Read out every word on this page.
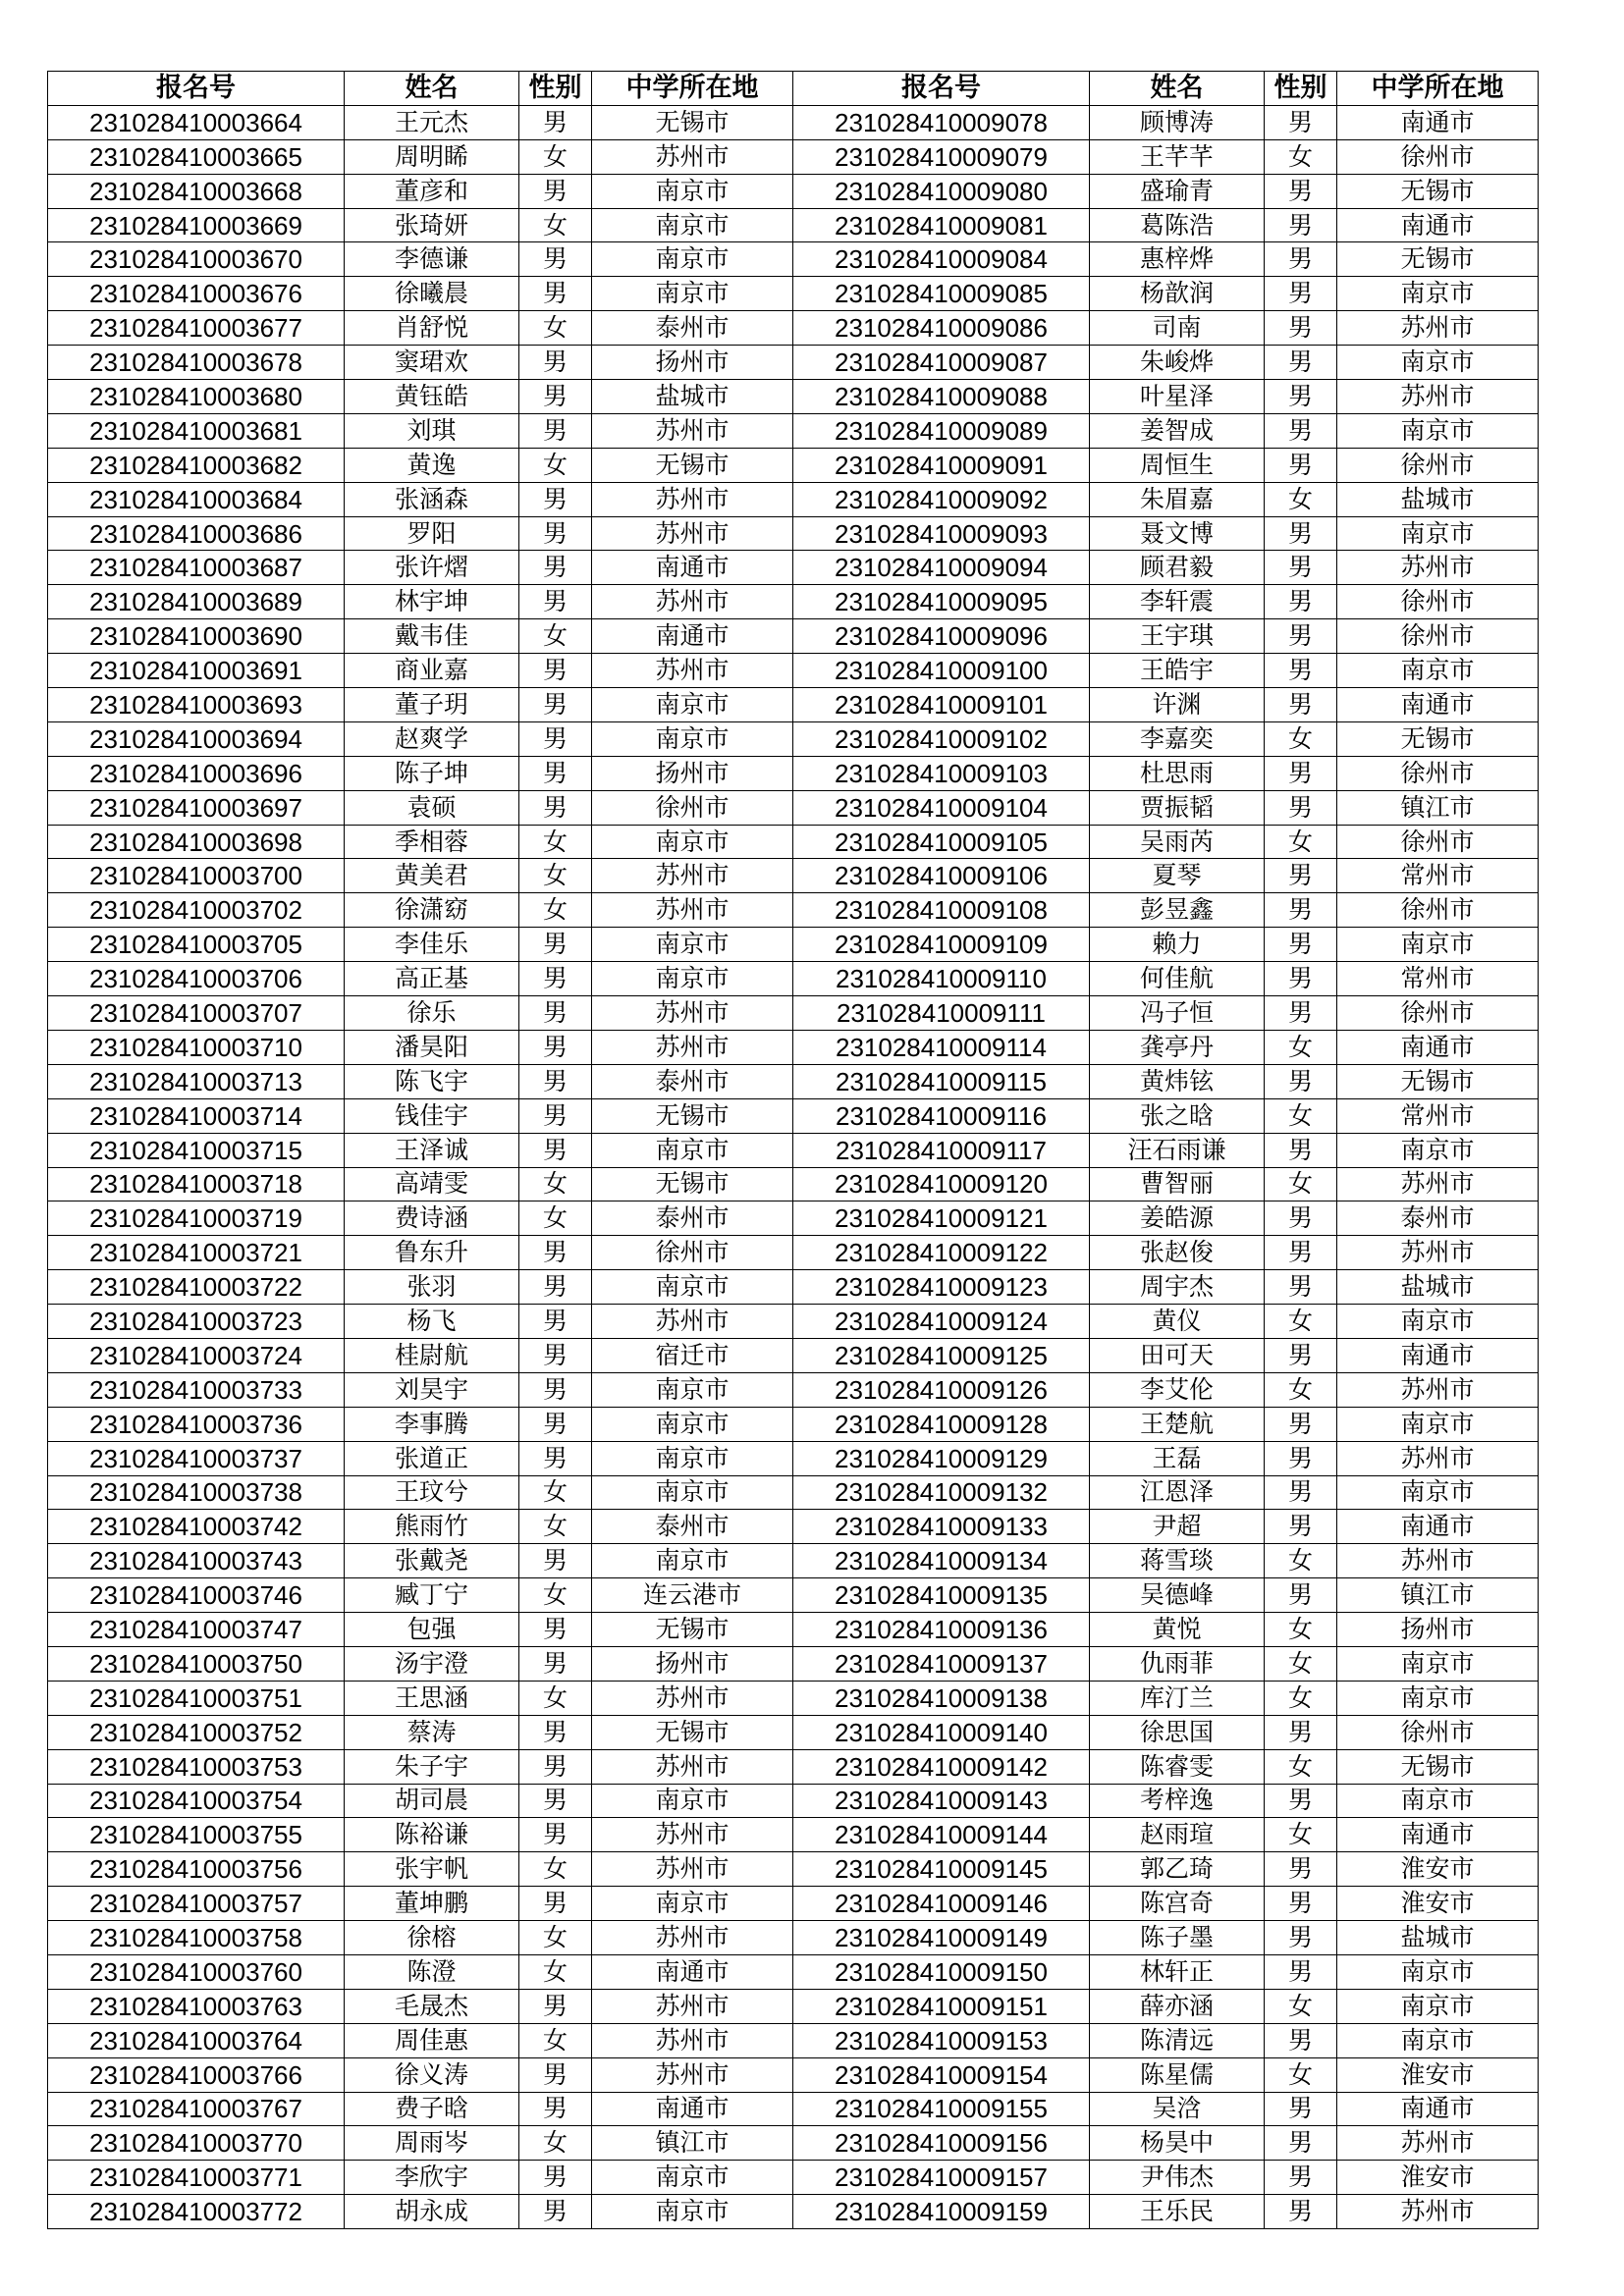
报名号	姓名	性别	中学所在地	报名号	姓名	性别	中学所在地
231028410003664	王元杰	男	无锡市	231028410009078	顾博涛	男	南通市
231028410003665	周明睎	女	苏州市	231028410009079	王芊芊	女	徐州市
231028410003668	董彦和	男	南京市	231028410009080	盛瑜青	男	无锡市
231028410003669	张琦妍	女	南京市	231028410009081	葛陈浩	男	南通市
231028410003670	李德谦	男	南京市	231028410009084	惠梓烨	男	无锡市
231028410003676	徐曦晨	男	南京市	231028410009085	杨歆润	男	南京市
231028410003677	肖舒悦	女	泰州市	231028410009086	司南	男	苏州市
231028410003678	窦珺欢	男	扬州市	231028410009087	朱峻烨	男	南京市
231028410003680	黄钰皓	男	盐城市	231028410009088	叶星泽	男	苏州市
231028410003681	刘琪	男	苏州市	231028410009089	姜智成	男	南京市
231028410003682	黄逸	女	无锡市	231028410009091	周恒生	男	徐州市
231028410003684	张涵森	男	苏州市	231028410009092	朱眉嘉	女	盐城市
231028410003686	罗阳	男	苏州市	231028410009093	聂文博	男	南京市
231028410003687	张许熠	男	南通市	231028410009094	顾君毅	男	苏州市
231028410003689	林宇坤	男	苏州市	231028410009095	李轩震	男	徐州市
231028410003690	戴韦佳	女	南通市	231028410009096	王宇琪	男	徐州市
231028410003691	商业嘉	男	苏州市	231028410009100	王皓宇	男	南京市
231028410003693	董子玥	男	南京市	231028410009101	许渊	男	南通市
231028410003694	赵爽学	男	南京市	231028410009102	李嘉奕	女	无锡市
231028410003696	陈子坤	男	扬州市	231028410009103	杜思雨	男	徐州市
231028410003697	袁硕	男	徐州市	231028410009104	贾振韬	男	镇江市
231028410003698	季相蓉	女	南京市	231028410009105	吴雨芮	女	徐州市
231028410003700	黄美君	女	苏州市	231028410009106	夏琴	男	常州市
231028410003702	徐潇窈	女	苏州市	231028410009108	彭昱鑫	男	徐州市
231028410003705	李佳乐	男	南京市	231028410009109	赖力	男	南京市
231028410003706	高正基	男	南京市	231028410009110	何佳航	男	常州市
231028410003707	徐乐	男	苏州市	231028410009111	冯子恒	男	徐州市
231028410003710	潘昊阳	男	苏州市	231028410009114	龚亭丹	女	南通市
231028410003713	陈飞宇	男	泰州市	231028410009115	黄炜铉	男	无锡市
231028410003714	钱佳宇	男	无锡市	231028410009116	张之晗	女	常州市
231028410003715	王泽诚	男	南京市	231028410009117	汪石雨谦	男	南京市
231028410003718	高靖雯	女	无锡市	231028410009120	曹智丽	女	苏州市
231028410003719	费诗涵	女	泰州市	231028410009121	姜皓源	男	泰州市
231028410003721	鲁东升	男	徐州市	231028410009122	张赵俊	男	苏州市
231028410003722	张羽	男	南京市	231028410009123	周宇杰	男	盐城市
231028410003723	杨飞	男	苏州市	231028410009124	黄仪	女	南京市
231028410003724	桂尉航	男	宿迁市	231028410009125	田可天	男	南通市
231028410003733	刘昊宇	男	南京市	231028410009126	李艾伦	女	苏州市
231028410003736	李事腾	男	南京市	231028410009128	王楚航	男	南京市
231028410003737	张道正	男	南京市	231028410009129	王磊	男	苏州市
231028410003738	王玟兮	女	南京市	231028410009132	江恩泽	男	南京市
231028410003742	熊雨竹	女	泰州市	231028410009133	尹超	男	南通市
231028410003743	张戴尧	男	南京市	231028410009134	蒋雪琰	女	苏州市
231028410003746	臧丁宁	女	连云港市	231028410009135	吴德峰	男	镇江市
231028410003747	包强	男	无锡市	231028410009136	黄悦	女	扬州市
231028410003750	汤宇澄	男	扬州市	231028410009137	仇雨菲	女	南京市
231028410003751	王思涵	女	苏州市	231028410009138	库汀兰	女	南京市
231028410003752	蔡涛	男	无锡市	231028410009140	徐思国	男	徐州市
231028410003753	朱子宇	男	苏州市	231028410009142	陈睿雯	女	无锡市
231028410003754	胡司晨	男	南京市	231028410009143	考梓逸	男	南京市
231028410003755	陈裕谦	男	苏州市	231028410009144	赵雨瑄	女	南通市
231028410003756	张宇帆	女	苏州市	231028410009145	郭乙琦	男	淮安市
231028410003757	董坤鹏	男	南京市	231028410009146	陈宫奇	男	淮安市
231028410003758	徐榕	女	苏州市	231028410009149	陈子墨	男	盐城市
231028410003760	陈澄	女	南通市	231028410009150	林轩正	男	南京市
231028410003763	毛晟杰	男	苏州市	231028410009151	薛亦涵	女	南京市
231028410003764	周佳惠	女	苏州市	231028410009153	陈清远	男	南京市
231028410003766	徐义涛	男	苏州市	231028410009154	陈星儒	女	淮安市
231028410003767	费子晗	男	南通市	231028410009155	吴浛	男	南通市
231028410003770	周雨岑	女	镇江市	231028410009156	杨昊中	男	苏州市
231028410003771	李欣宇	男	南京市	231028410009157	尹伟杰	男	淮安市
231028410003772	胡永成	男	南京市	231028410009159	王乐民	男	苏州市
